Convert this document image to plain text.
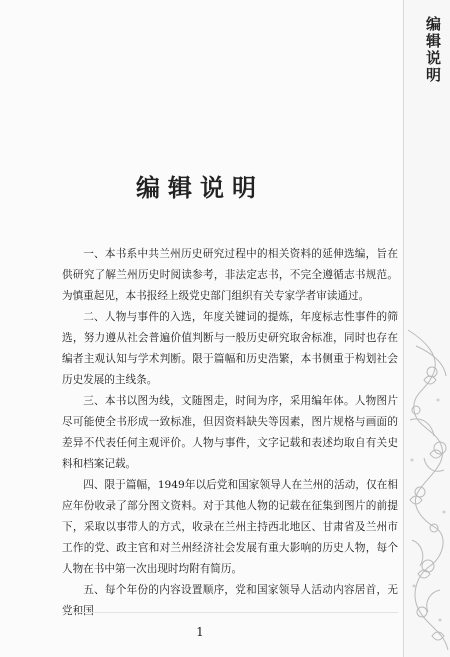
编辑说明
编辑说明

一、本书系中共兰州历史研究过程中的相关资料的延伸选编，旨在供研究了解兰州历史时阅读参考，非法定志书，不完全遵循志书规范。为慎重起见，本书报经上级党史部门组织有关专家学者审读通过。

二、人物与事件的入选，年度关键词的提炼，年度标志性事件的筛选，努力遵从社会普遍价值判断与一般历史研究取舍标准，同时也存在编者主观认知与学术判断。限于篇幅和历史浩繁，本书侧重于构划社会历史发展的主线条。

三、本书以图为线，文随图走，时间为序，采用编年体。人物图片尽可能使全书形成一致标准，但因资料缺失等因素，图片规格与画面的差异不代表任何主观评价。人物与事件，文字记载和表述均取自有关史料和档案记载。

四、限于篇幅，1949年以后党和国家领导人在兰州的活动，仅在相应年份收录了部分图文资料。对于其他人物的记载在征集到图片的前提下，采取以事带人的方式，收录在兰州主持西北地区、甘肃省及兰州市工作的党、政主官和对兰州经济社会发展有重大影响的历史人物，每个人物在书中第一次出现时均附有简历。

五、每个年份的内容设置顺序，党和国家领导人活动内容居首，无党和国

1
